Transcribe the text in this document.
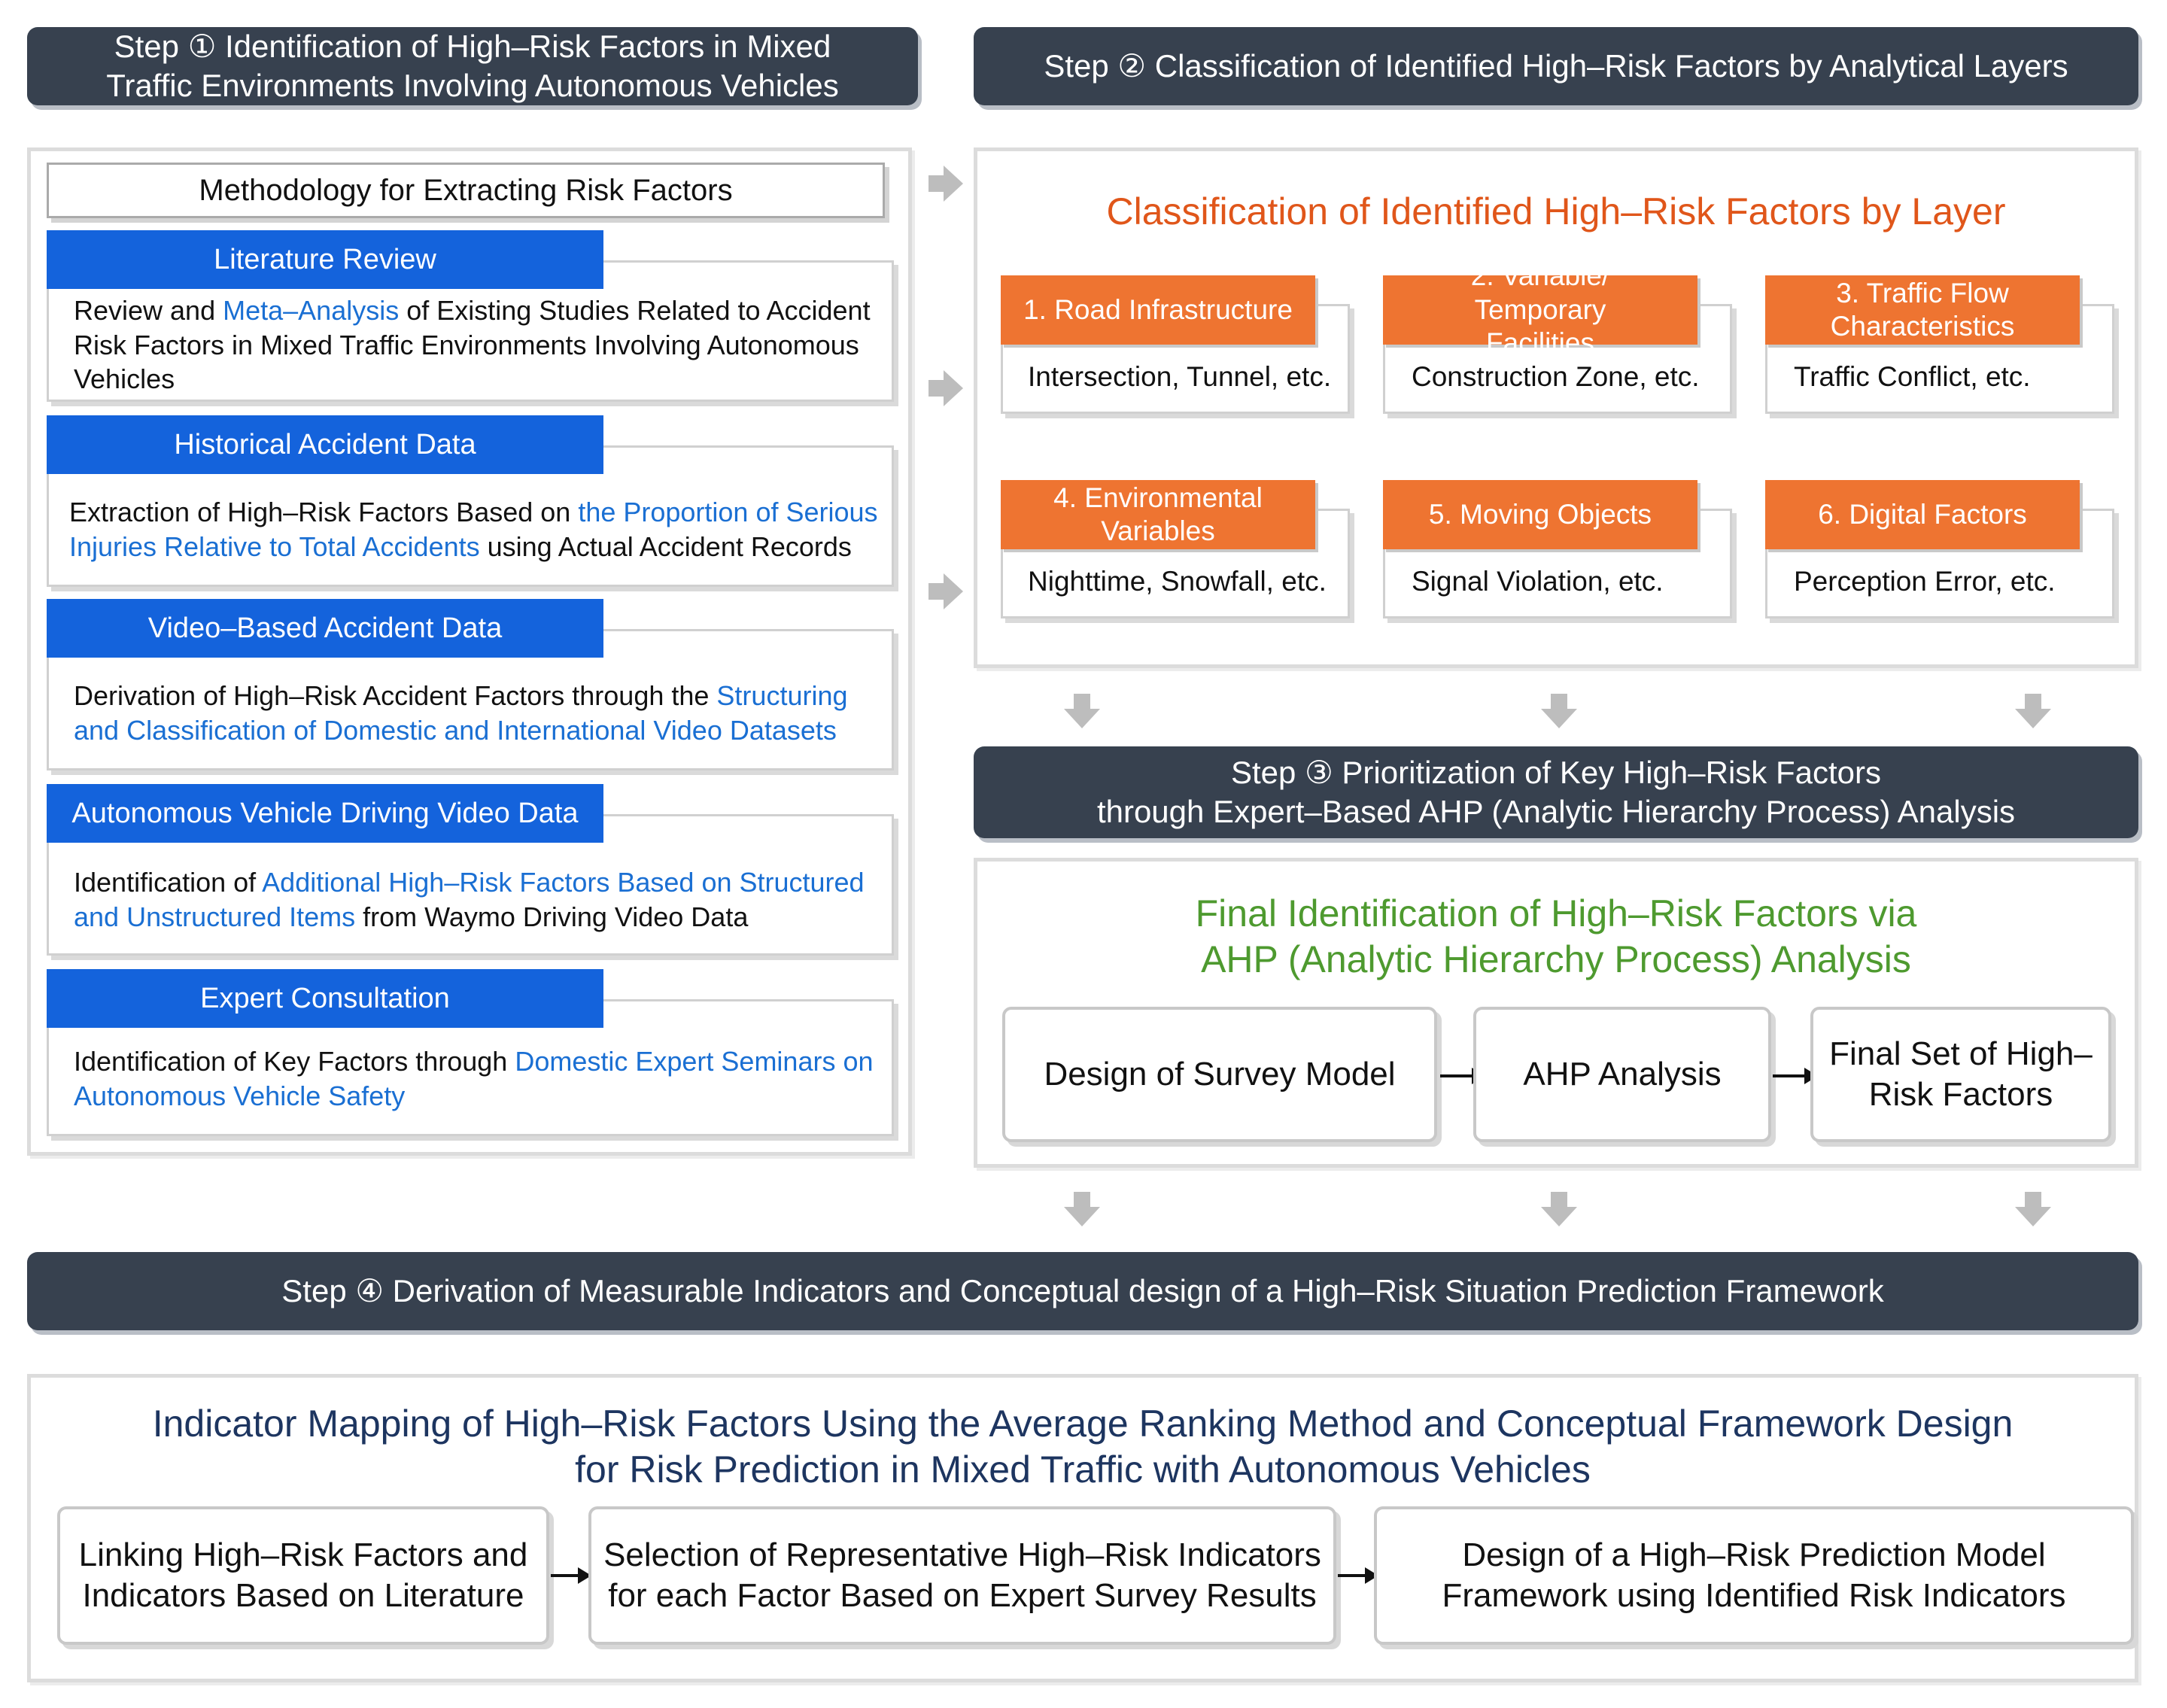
Step ① Identification of High–Risk Factors in Mixed
Traffic Environments Involving Autonomous Vehicles
Step ② Classification of Identified High–Risk Factors by Analytical Layers
Step ③ Prioritization of Key High–Risk Factors
through Expert–Based AHP (Analytic Hierarchy Process) Analysis
Step ④ Derivation of Measurable Indicators and Conceptual design of a High–Risk Situation Prediction Framework
Methodology for Extracting Risk Factors
Literature Review
Review and Meta–Analysis of Existing Studies Related to Accident Risk Factors in Mixed Traffic Environments Involving Autonomous Vehicles
Historical Accident Data
Extraction of High–Risk Factors Based on the Proportion of Serious Injuries Relative to Total Accidents using Actual Accident Records
Video–Based Accident Data
Derivation of High–Risk Accident Factors through the Structuring and Classification of Domestic and International Video Datasets
Autonomous Vehicle Driving Video Data
Identification of Additional High–Risk Factors Based on Structured and Unstructured Items from Waymo Driving Video Data
Expert Consultation
Identification of Key Factors through Domestic Expert Seminars on Autonomous Vehicle Safety
Classification of Identified High–Risk Factors by Layer
1. Road Infrastructure
Intersection, Tunnel, etc.
2. Variable/ Temporary Facilities
Construction Zone, etc.
3. Traffic Flow Characteristics
Traffic Conflict, etc.
4. Environmental Variables
Nighttime, Snowfall, etc.
5. Moving Objects
Signal Violation, etc.
6. Digital Factors
Perception Error, etc.
Final Identification of High–Risk Factors via
AHP (Analytic Hierarchy Process) Analysis
Design of Survey Model	AHP Analysis
Final Set of High–Risk Factors
Indicator Mapping of High–Risk Factors Using the Average Ranking Method and Conceptual Framework Design
for Risk Prediction in Mixed Traffic with Autonomous Vehicles
Linking High–Risk Factors and Indicators Based on Literature
Selection of Representative High–Risk Indicators for each Factor Based on Expert Survey Results
Design of a High–Risk Prediction Model Framework using Identified Risk Indicators
